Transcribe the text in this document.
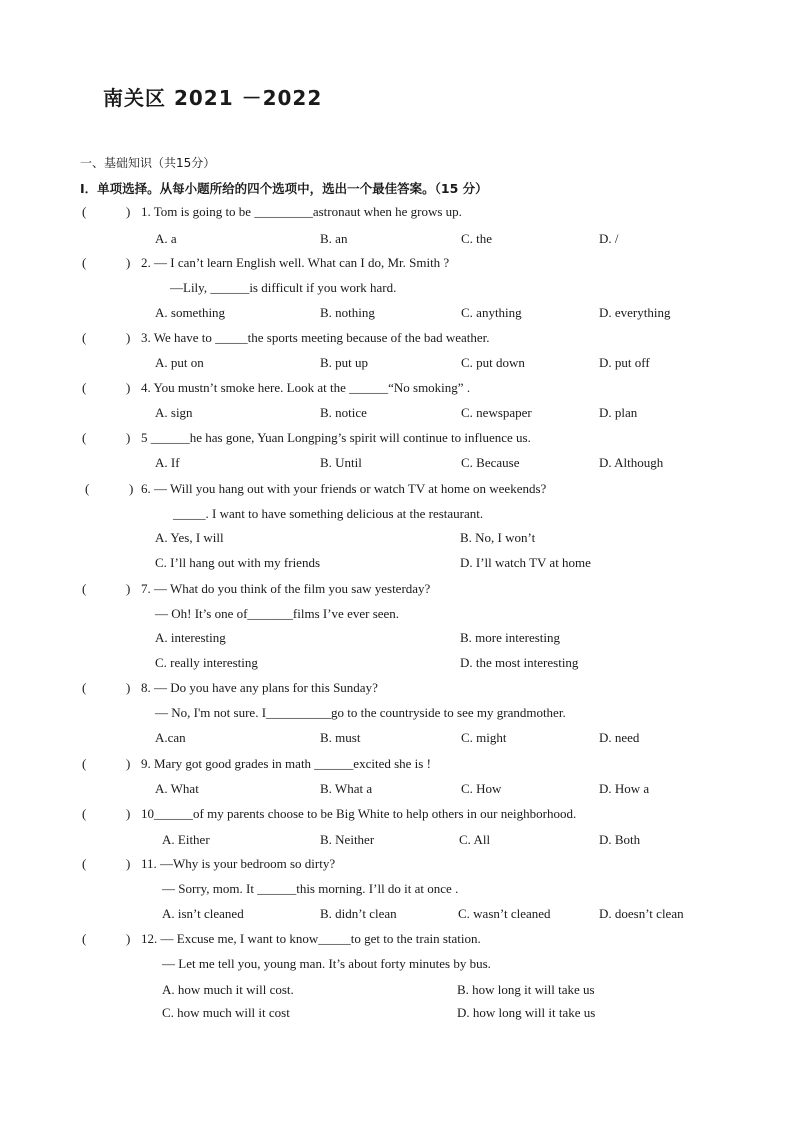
南关区 2021 －2022
一、基础知识（共15分）
Ⅰ．单项选择。从每小题所给的四个选项中，选出一个最佳答案。（15 分）
(	) 1. Tom is going to be _________astronaut when he grows up.
A. a	B. an	C. the	D. /
(	) 2. — I can’t learn English well. What can I do, Mr. Smith ?
—Lily, ______is difficult if you work hard.
A. something	B. nothing	C. anything	D. everything
(	) 3. We have to _____the sports meeting because of the bad weather.
A. put on	B. put up	C. put down	D. put off
(	) 4. You mustn’t smoke here. Look at the ______“No smoking” .
A. sign	B. notice	C. newspaper	D. plan
(	) 5 ______he has gone, Yuan Longping’s spirit will continue to influence us.
A. If	B. Until	C. Because	D. Although
(	) 6. — Will you hang out with your friends or watch TV at home on weekends?
_____. I want to have something delicious at the restaurant.
A. Yes, I will	B. No, I won’t
C. I’ll hang out with my friends	D. I’ll watch TV at home
(	) 7. — What do you think of the film you saw yesterday?
— Oh! It’s one of_______films I’ve ever seen.
A. interesting	B. more interesting
C. really interesting	D. the most interesting
(	) 8. — Do you have any plans for this Sunday?
— No, I'm not sure. I__________go to the countryside to see my grandmother.
A.can	B. must	C. might	D. need
(	) 9. Mary got good grades in math ______excited she is !
A. What	B. What a	C. How	D. How a
(	) 10______of my parents choose to be Big White to help others in our neighborhood.
A. Either	B. Neither	C. All	D. Both
(	) 11. —Why is your bedroom so dirty?
— Sorry, mom. It ______this morning. I’ll do it at once .
A. isn’t cleaned	B. didn’t clean	C. wasn’t cleaned	D. doesn’t clean
(	) 12. — Excuse me, I want to know_____to get to the train station.
— Let me tell you, young man. It’s about forty minutes by bus.
A. how much it will cost.	B. how long it will take us
C. how much will it cost	D. how long will it take us
